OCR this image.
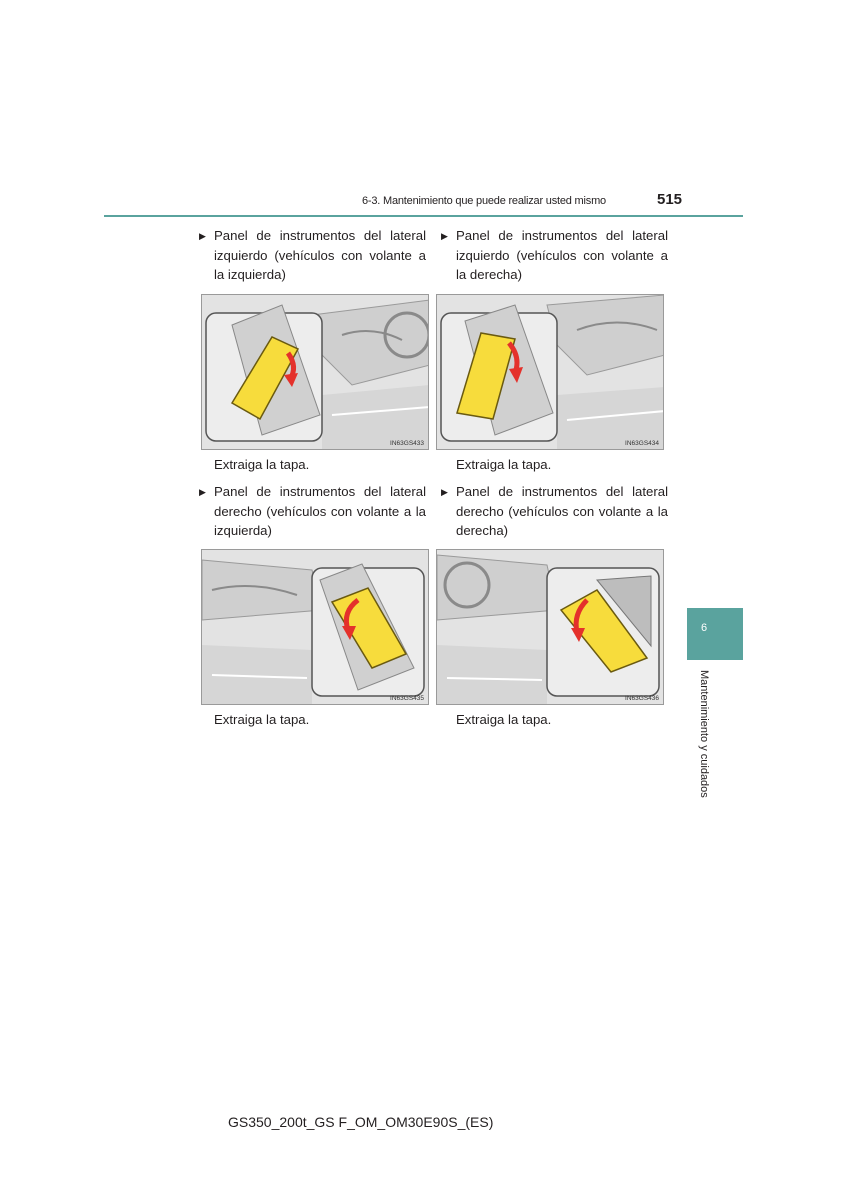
6-3. Mantenimiento que puede realizar usted mismo	515
▶ Panel de instrumentos del lateral izquierdo (vehículos con volante a la izquierda)

▶ Panel de instrumentos del lateral izquierdo (vehículos con volante a la derecha)

IN63GS433	IN63GS434
Extraiga la tapa.	Extraiga la tapa.
▶ Panel de instrumentos del lateral derecho (vehículos con volante a la izquierda)

▶ Panel de instrumentos del lateral derecho (vehículos con volante a la derecha)

IN63GS435	IN63GS436
Extraiga la tapa.	Extraiga la tapa.
6
Mantenimiento y cuidados
GS350_200t_GS F_OM_OM30E90S_(ES)
